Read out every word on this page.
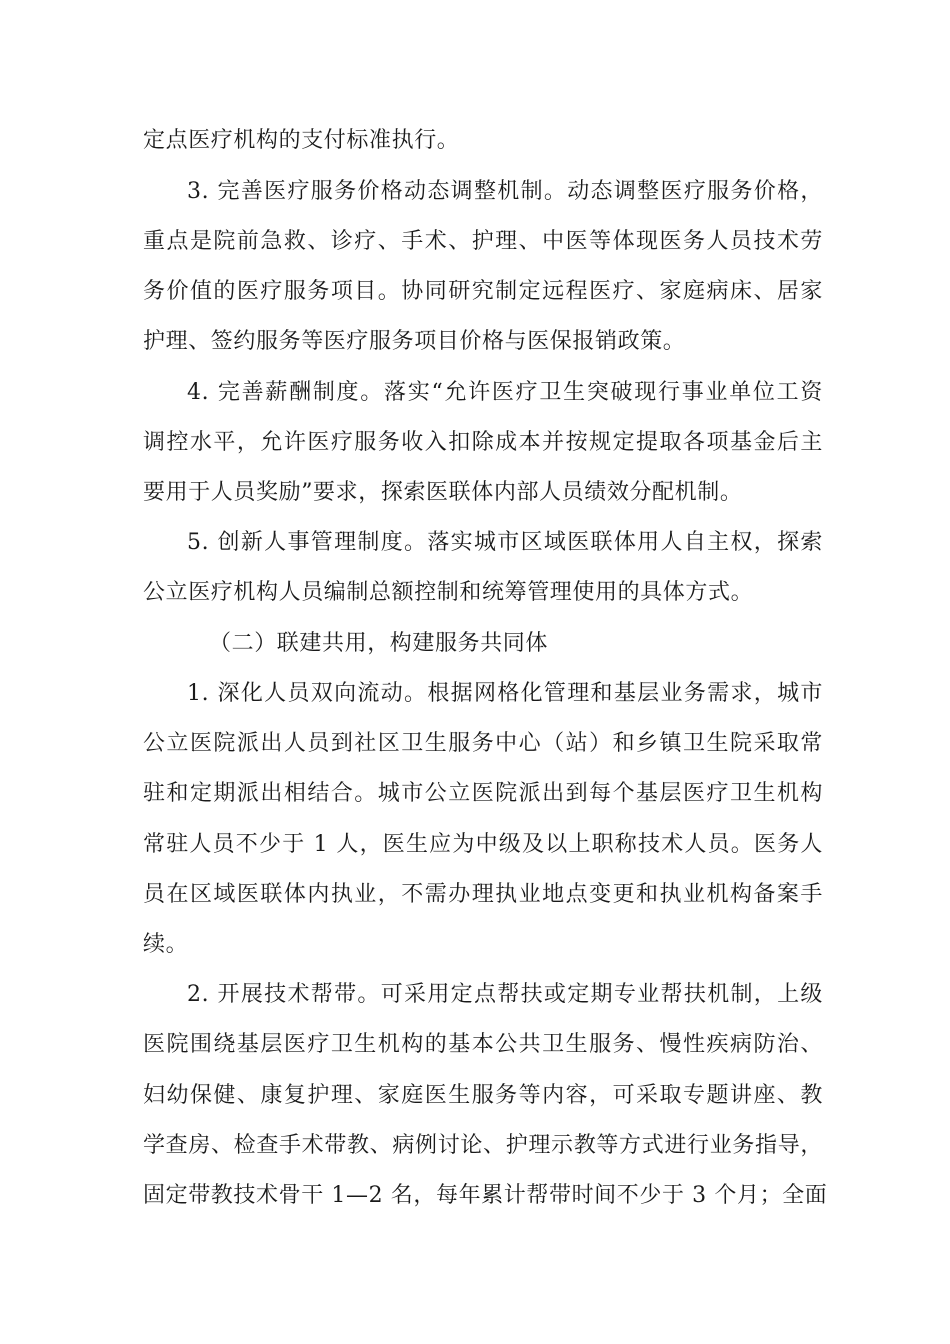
定点医疗机构的支付标准执行。
3. 完善医疗服务价格动态调整机制。动态调整医疗服务价格，
重点是院前急救、诊疗、手术、护理、中医等体现医务人员技术劳
务价值的医疗服务项目。协同研究制定远程医疗、家庭病床、居家
护理、签约服务等医疗服务项目价格与医保报销政策。
4. 完善薪酬制度。落实“允许医疗卫生突破现行事业单位工资
调控水平，允许医疗服务收入扣除成本并按规定提取各项基金后主
要用于人员奖励”要求，探索医联体内部人员绩效分配机制。
5. 创新人事管理制度。落实城市区域医联体用人自主权，探索
公立医疗机构人员编制总额控制和统筹管理使用的具体方式。
（二）联建共用，构建服务共同体
1. 深化人员双向流动。根据网格化管理和基层业务需求，城市
公立医院派出人员到社区卫生服务中心（站）和乡镇卫生院采取常
驻和定期派出相结合。城市公立医院派出到每个基层医疗卫生机构
常驻人员不少于 1 人，医生应为中级及以上职称技术人员。医务人
员在区域医联体内执业，不需办理执业地点变更和执业机构备案手
续。
2. 开展技术帮带。可采用定点帮扶或定期专业帮扶机制，上级
医院围绕基层医疗卫生机构的基本公共卫生服务、慢性疾病防治、
妇幼保健、康复护理、家庭医生服务等内容，可采取专题讲座、教
学查房、检查手术带教、病例讨论、护理示教等方式进行业务指导，
固定带教技术骨干 1—2 名，每年累计帮带时间不少于 3 个月；全面
